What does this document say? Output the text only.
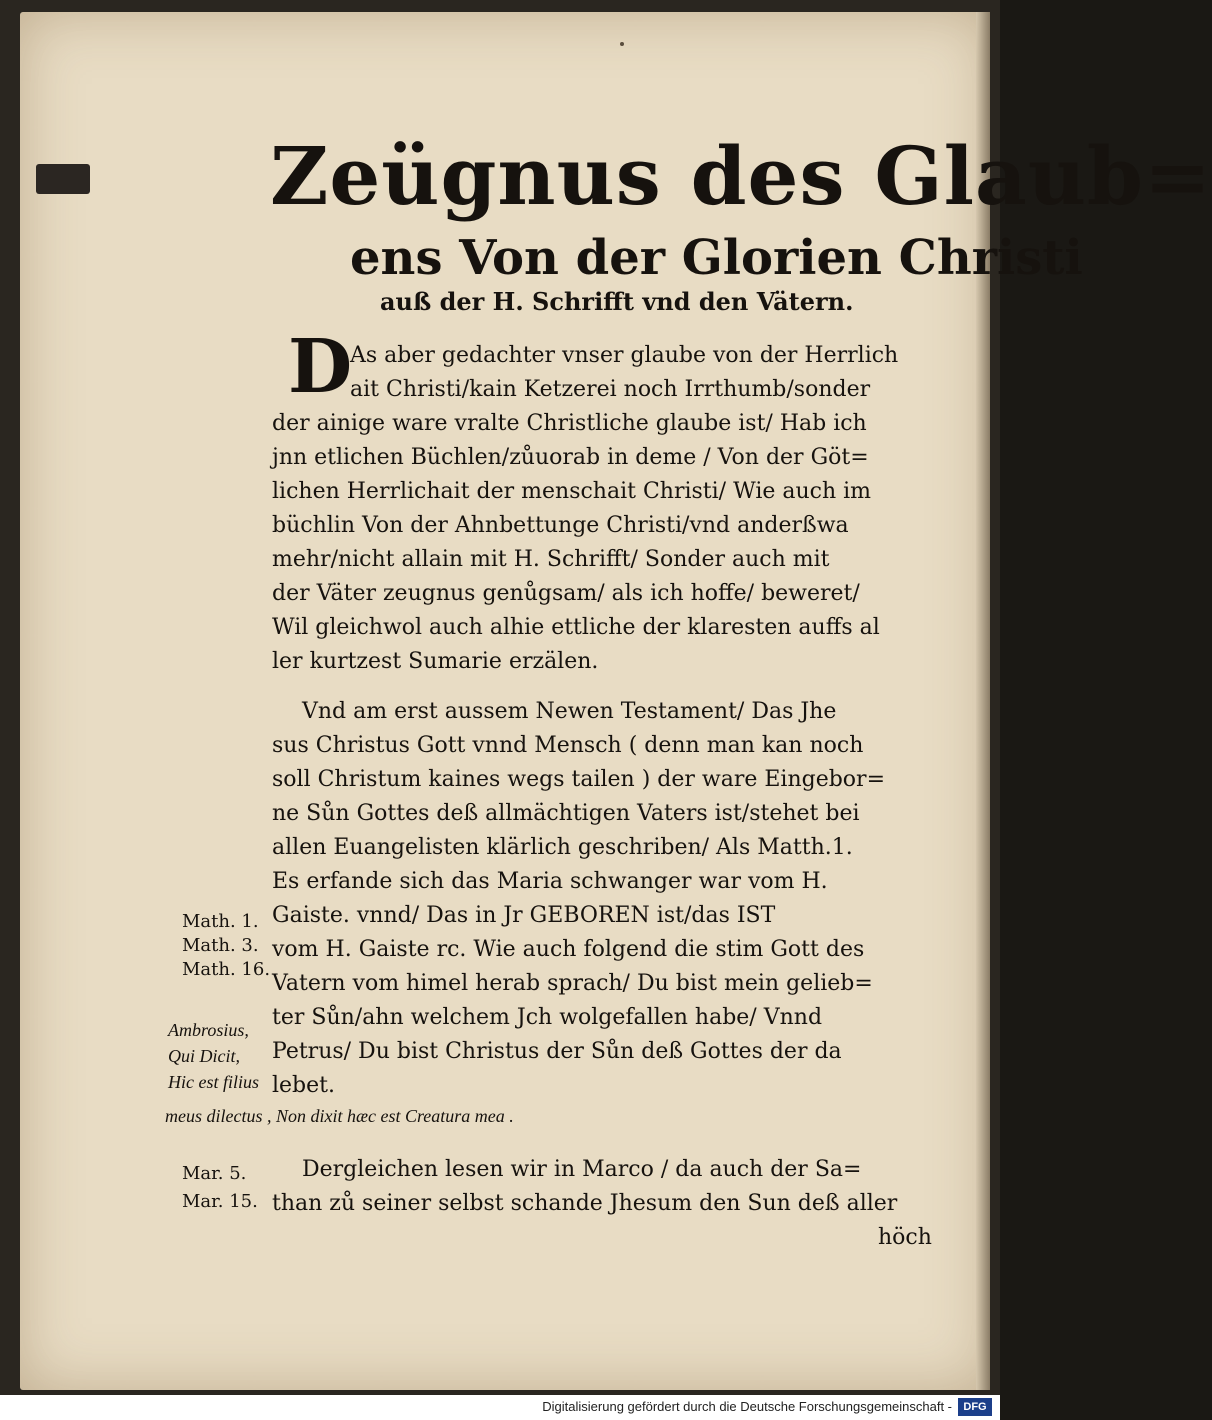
Zeügnus des Glaub=
ens Von der Glorien Christi
auß der H. Schrifft vnd den Vätern.
D
As aber gedachter vnser glaube von der Herrlich
ait Christi/kain Ketzerei noch Irrthumb/sonder
der ainige ware vralte Christliche glaube ist/ Hab ich
jnn etlichen Büchlen/zůuorab in deme / Von der Göt=
lichen Herrlichait der menschait Christi/ Wie auch im
büchlin Von der Ahnbettunge Christi/vnd anderßwa
mehr/nicht allain mit H. Schrifft/ Sonder auch mit
der Väter zeugnus genůgsam/ als ich hoffe/ beweret/
Wil gleichwol auch alhie ettliche der klaresten auffs al
ler kurtzest Sumarie erzälen.
Vnd am erst aussem Newen Testament/ Das Jhe
sus Christus Gott vnnd Mensch ( denn man kan noch
soll Christum kaines wegs tailen ) der ware Eingebor=
ne Sůn Gottes deß allmächtigen Vaters ist/stehet bei
allen Euangelisten klärlich geschriben/ Als Matth.1.
Es erfande sich das Maria schwanger war vom H.
Gaiste. vnnd/ Das in Jr GEBOREN ist/das IST
vom H. Gaiste rc. Wie auch folgend die stim Gott des
Vatern vom himel herab sprach/ Du bist mein gelieb=
ter Sůn/ahn welchem Jch wolgefallen habe/ Vnnd
Petrus/ Du bist Christus der Sůn deß Gottes der da
lebet.
meus dilectus , Non dixit hæc est Creatura mea .
Dergleichen lesen wir in Marco / da auch der Sa=
than zů seiner selbst schande Jhesum den Sun deß aller
höch
Math. 1.
Math. 3.
Math. 16.
Ambrosius,
Qui Dicit,
Hic est filius
Mar. 5.
Mar. 15.
Digitalisierung gefördert durch die Deutsche Forschungsgemeinschaft -	DFG
